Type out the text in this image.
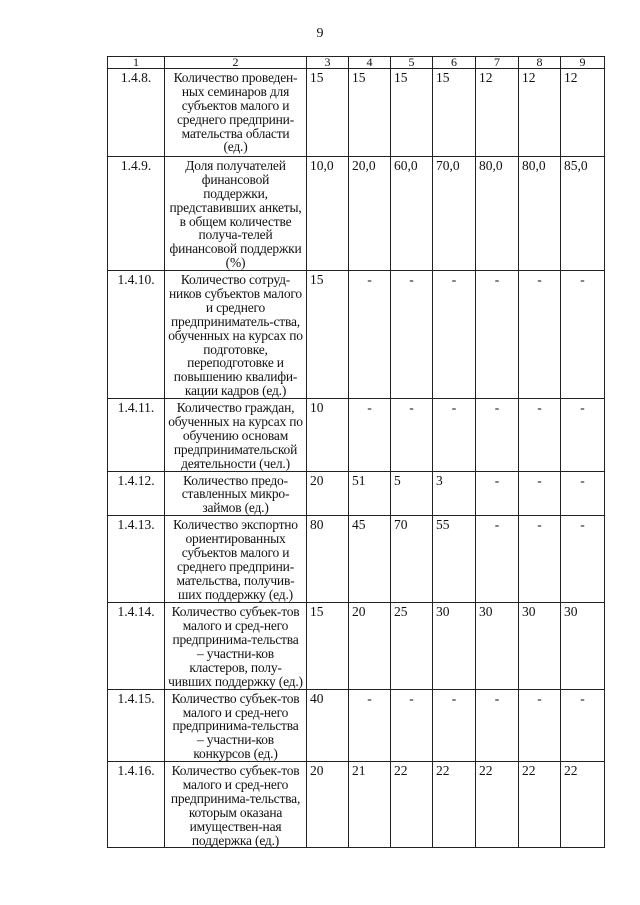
9
1	2	3	4	5	6	7	8	9
1.4.8.	Количество проведен-ных семинаров для субъектов малого и среднего предприни-мательства области (ед.)	15	15	15	15	12	12	12
1.4.9.	Доля получателей финансовой поддержки, представивших анкеты, в общем количестве получа-телей финансовой поддержки (%)	10,0	20,0	60,0	70,0	80,0	80,0	85,0
1.4.10.	Количество сотруд-ников субъектов малого и среднего предприниматель-ства, обученных на курсах по подготовке, переподготовке и повышению квалифи-кации кадров (ед.)	15	-	-	-	-	-	-
1.4.11.	Количество граждан, обученных на курсах по обучению основам предпринимательской деятельности (чел.)	10	-	-	-	-	-	-
1.4.12.	Количество предо-ставленных микро-займов (ед.)	20	51	5	3	-	-	-
1.4.13.	Количество экспортно ориентированных субъектов малого и среднего предприни-мательства, получив-ших поддержку (ед.)	80	45	70	55	-	-	-
1.4.14.	Количество субъек-тов малого и сред-него предпринима-тельства – участни-ков кластеров, полу-чивших поддержку (ед.)	15	20	25	30	30	30	30
1.4.15.	Количество субъек-тов малого и сред-него предпринима-тельства – участни-ков конкурсов (ед.)	40	-	-	-	-	-	-
1.4.16.	Количество субъек-тов малого и сред-него предпринима-тельства, которым оказана имуществен-ная поддержка (ед.)	20	21	22	22	22	22	22
